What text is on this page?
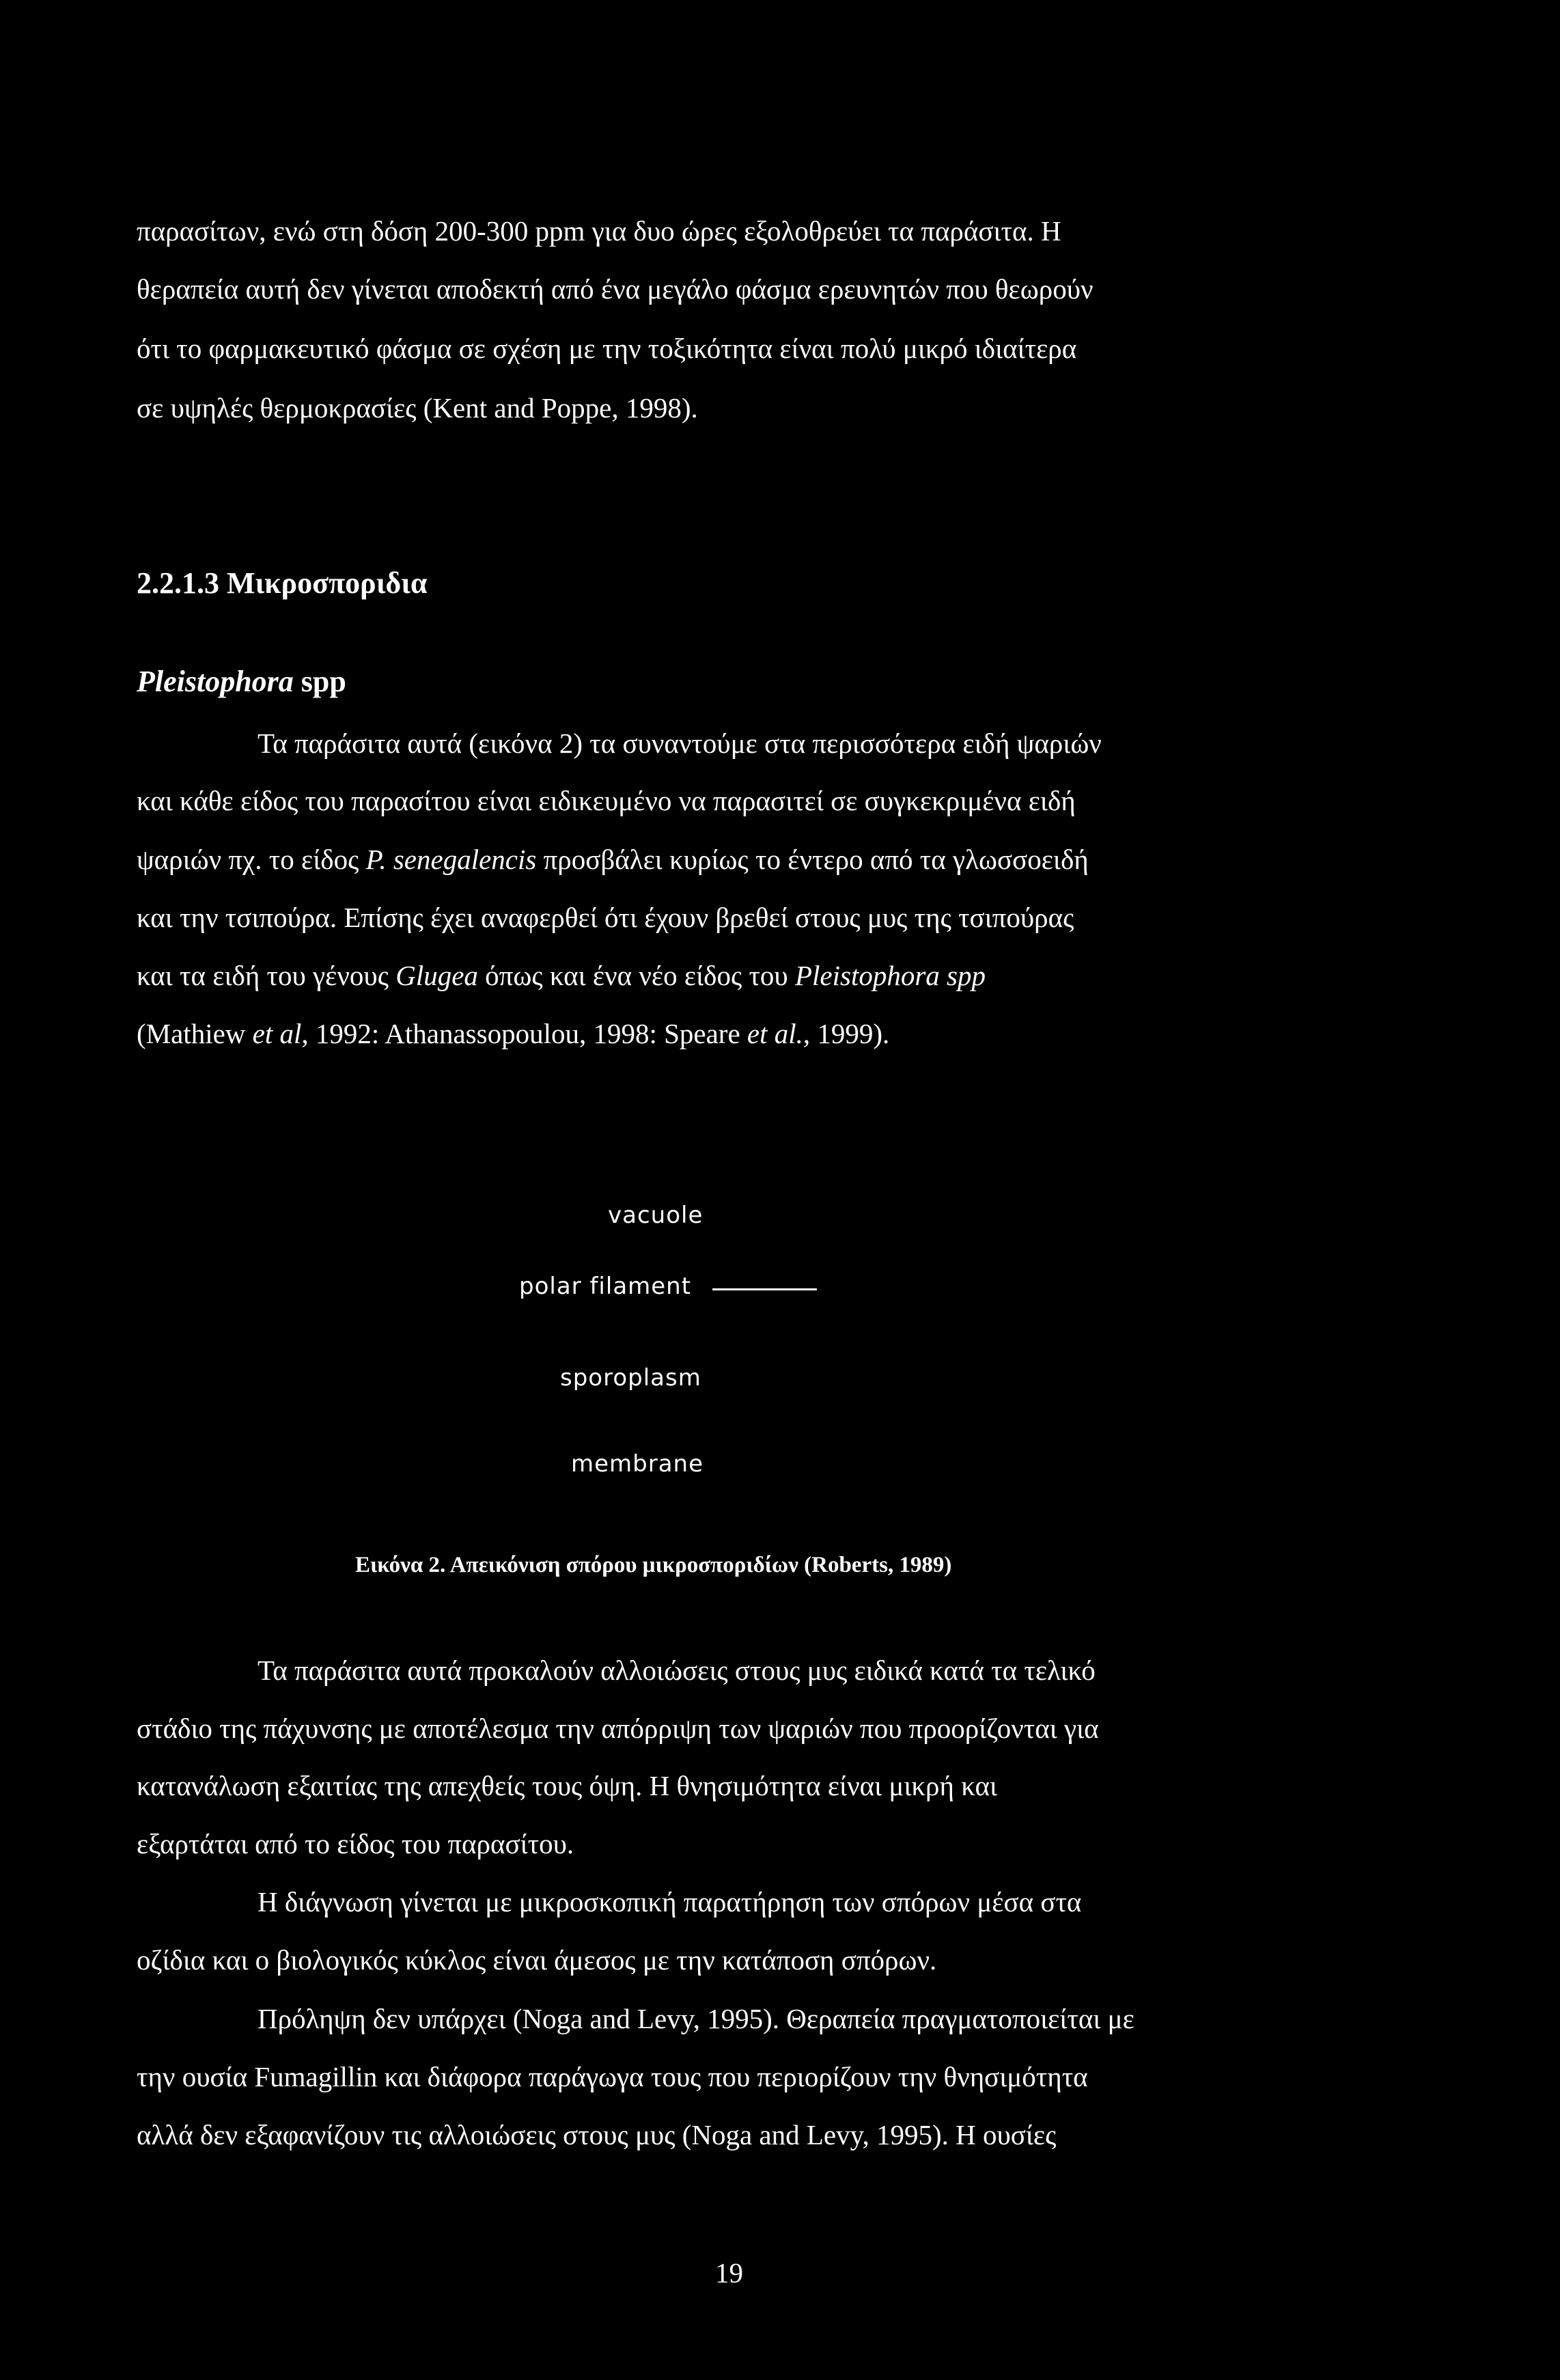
παρασίτων, ενώ στη δόση 200-300 ppm για δυο ώρες εξολοθρεύει τα παράσιτα. Η
θεραπεία αυτή δεν γίνεται αποδεκτή από ένα μεγάλο φάσμα ερευνητών που θεωρούν
ότι το φαρμακευτικό φάσμα σε σχέση με την τοξικότητα είναι πολύ μικρό ιδιαίτερα
σε υψηλές θερμοκρασίες (Kent and Poppe, 1998).
2.2.1.3 Μικροσποριδια
Pleistophora spp
Τα παράσιτα αυτά (εικόνα 2) τα συναντούμε στα περισσότερα ειδή ψαριών
και κάθε είδος του παρασίτου είναι ειδικευμένο να παρασιτεί σε συγκεκριμένα ειδή
ψαριών πχ. το είδος P. senegalencis προσβάλει κυρίως το έντερο από τα γλωσσοειδή
και την τσιπούρα. Επίσης έχει αναφερθεί ότι έχουν βρεθεί στους μυς της τσιπούρας
και τα ειδή του γένους Glugea όπως και ένα νέο είδος του Pleistophora spp
(Mathiew et al, 1992: Athanassopoulou, 1998: Speare et al., 1999).
vacuole
polar filament
sporoplasm
membrane
Εικόνα 2. Απεικόνιση σπόρου μικροσποριδίων (Roberts, 1989)
Τα παράσιτα αυτά προκαλούν αλλοιώσεις στους μυς ειδικά κατά τα τελικό
στάδιο της πάχυνσης με αποτέλεσμα την απόρριψη των ψαριών που προορίζονται για
κατανάλωση εξαιτίας της απεχθείς τους όψη. Η θνησιμότητα είναι μικρή και
εξαρτάται από το είδος του παρασίτου.
Η διάγνωση γίνεται με μικροσκοπική παρατήρηση των σπόρων μέσα στα
οζίδια και ο βιολογικός κύκλος είναι άμεσος με την κατάποση σπόρων.
Πρόληψη δεν υπάρχει (Noga and Levy, 1995). Θεραπεία πραγματοποιείται με
την ουσία Fumagillin και διάφορα παράγωγα τους που περιορίζουν την θνησιμότητα
αλλά δεν εξαφανίζουν τις αλλοιώσεις στους μυς (Noga and Levy, 1995). Η ουσίες
19
